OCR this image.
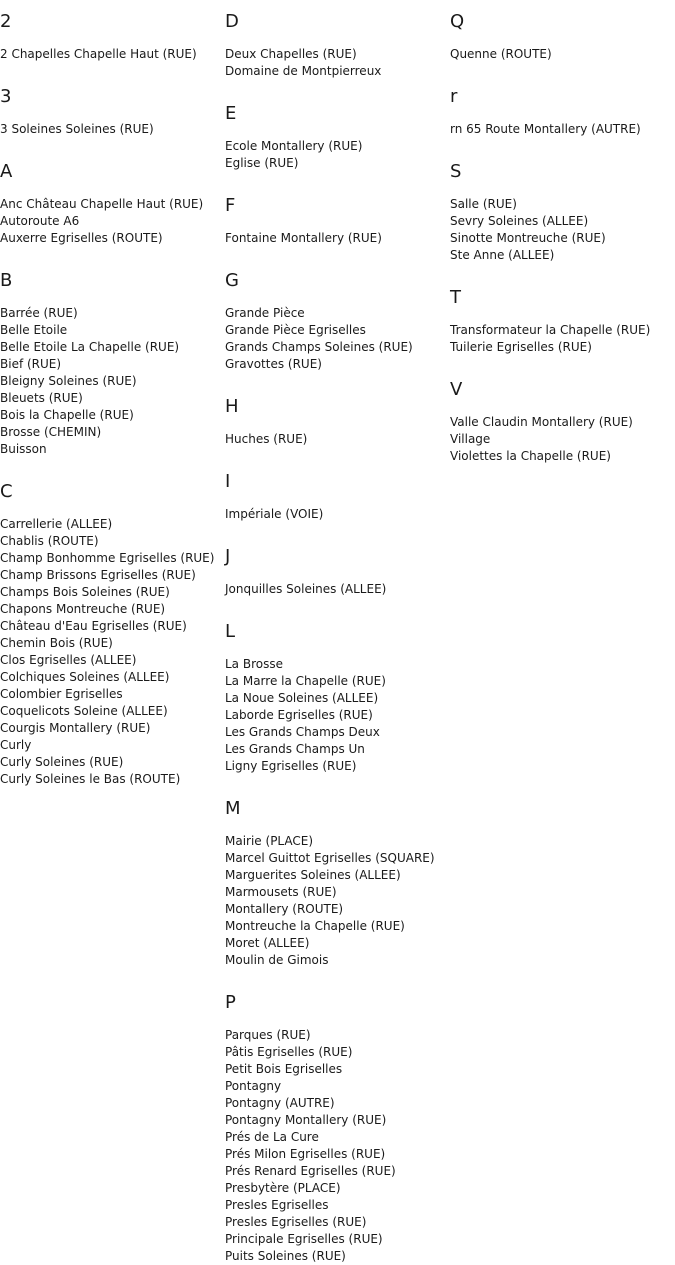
2
2 Chapelles Chapelle Haut (RUE)
3
3 Soleines Soleines (RUE)
A
Anc Château Chapelle Haut (RUE)
Autoroute A6
Auxerre Egriselles (ROUTE)
B
Barrée (RUE)
Belle Etoile
Belle Etoile La Chapelle (RUE)
Bief (RUE)
Bleigny Soleines (RUE)
Bleuets (RUE)
Bois la Chapelle (RUE)
Brosse (CHEMIN)
Buisson
C
Carrellerie (ALLEE)
Chablis (ROUTE)
Champ Bonhomme Egriselles (RUE)
Champ Brissons Egriselles (RUE)
Champs Bois Soleines (RUE)
Chapons Montreuche (RUE)
Château d'Eau Egriselles (RUE)
Chemin Bois (RUE)
Clos Egriselles (ALLEE)
Colchiques Soleines (ALLEE)
Colombier Egriselles
Coquelicots Soleine (ALLEE)
Courgis Montallery (RUE)
Curly
Curly Soleines (RUE)
Curly Soleines le Bas (ROUTE)
D
Deux Chapelles (RUE)
Domaine de Montpierreux
E
Ecole Montallery (RUE)
Eglise (RUE)
F
Fontaine Montallery (RUE)
G
Grande Pièce
Grande Pièce Egriselles
Grands Champs Soleines (RUE)
Gravottes (RUE)
H
Huches (RUE)
I
Impériale (VOIE)
J
Jonquilles Soleines (ALLEE)
L
La Brosse
La Marre la Chapelle (RUE)
La Noue Soleines (ALLEE)
Laborde Egriselles (RUE)
Les Grands Champs Deux
Les Grands Champs Un
Ligny Egriselles (RUE)
M
Mairie (PLACE)
Marcel Guittot Egriselles (SQUARE)
Marguerites Soleines (ALLEE)
Marmousets (RUE)
Montallery (ROUTE)
Montreuche la Chapelle (RUE)
Moret (ALLEE)
Moulin de Gimois
P
Parques (RUE)
Pâtis Egriselles (RUE)
Petit Bois Egriselles
Pontagny
Pontagny (AUTRE)
Pontagny Montallery (RUE)
Prés de La Cure
Prés Milon Egriselles (RUE)
Prés Renard Egriselles (RUE)
Presbytère (PLACE)
Presles Egriselles
Presles Egriselles (RUE)
Principale Egriselles (RUE)
Puits Soleines (RUE)
Q
Quenne (ROUTE)
r
rn 65 Route Montallery (AUTRE)
S
Salle (RUE)
Sevry Soleines (ALLEE)
Sinotte Montreuche (RUE)
Ste Anne (ALLEE)
T
Transformateur la Chapelle (RUE)
Tuilerie Egriselles (RUE)
V
Valle Claudin Montallery (RUE)
Village
Violettes la Chapelle (RUE)
